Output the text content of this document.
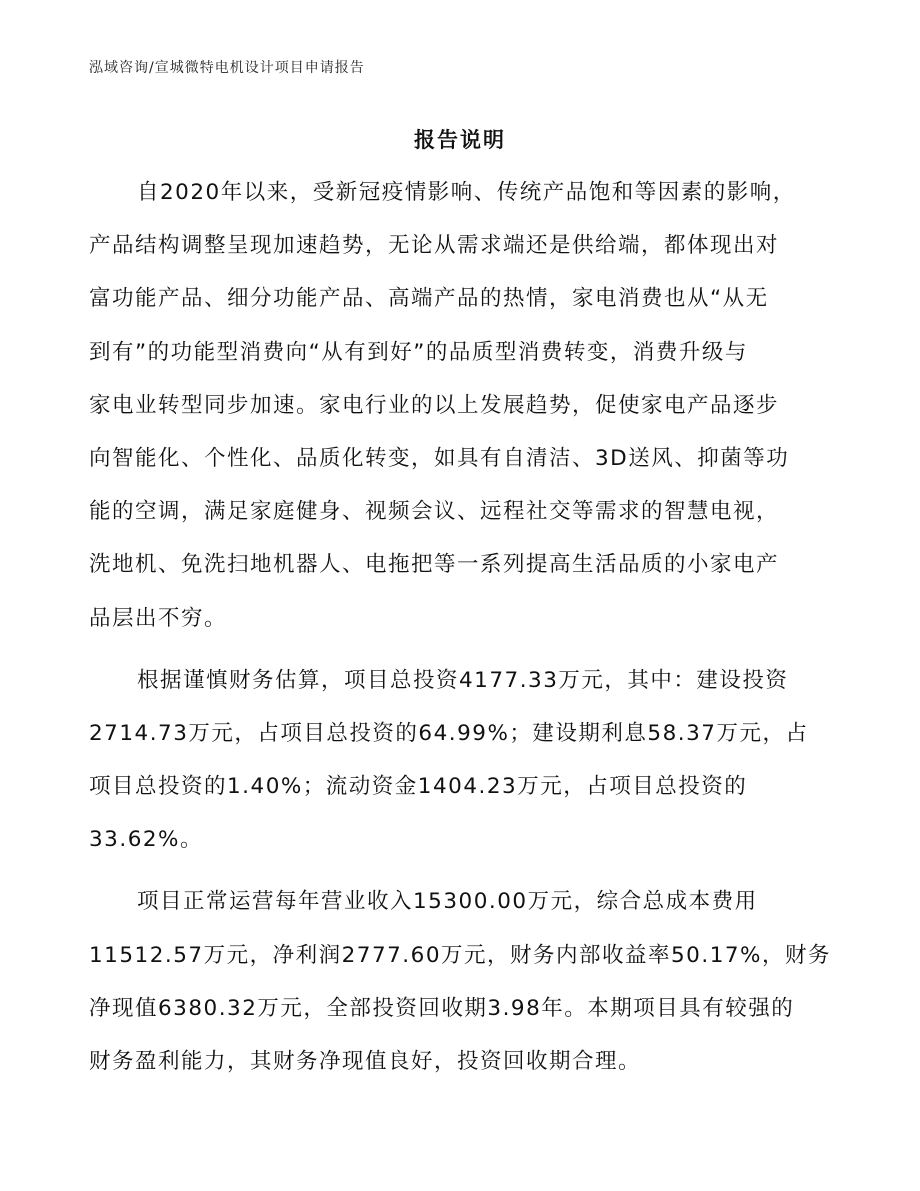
泓域咨询/宣城微特电机设计项目申请报告
报告说明
自2020年以来，受新冠疫情影响、传统产品饱和等因素的影响，
产品结构调整呈现加速趋势，无论从需求端还是供给端，都体现出对
富功能产品、细分功能产品、高端产品的热情，家电消费也从“从无
到有”的功能型消费向“从有到好”的品质型消费转变，消费升级与
家电业转型同步加速。家电行业的以上发展趋势，促使家电产品逐步
向智能化、个性化、品质化转变，如具有自清洁、3D送风、抑菌等功
能的空调，满足家庭健身、视频会议、远程社交等需求的智慧电视，
洗地机、免洗扫地机器人、电拖把等一系列提高生活品质的小家电产
品层出不穷。
根据谨慎财务估算，项目总投资4177.33万元，其中：建设投资
2714.73万元，占项目总投资的64.99%；建设期利息58.37万元，占
项目总投资的1.40%；流动资金1404.23万元，占项目总投资的
33.62%。
项目正常运营每年营业收入15300.00万元，综合总成本费用
11512.57万元，净利润2777.60万元，财务内部收益率50.17%，财务
净现值6380.32万元，全部投资回收期3.98年。本期项目具有较强的
财务盈利能力，其财务净现值良好，投资回收期合理。
